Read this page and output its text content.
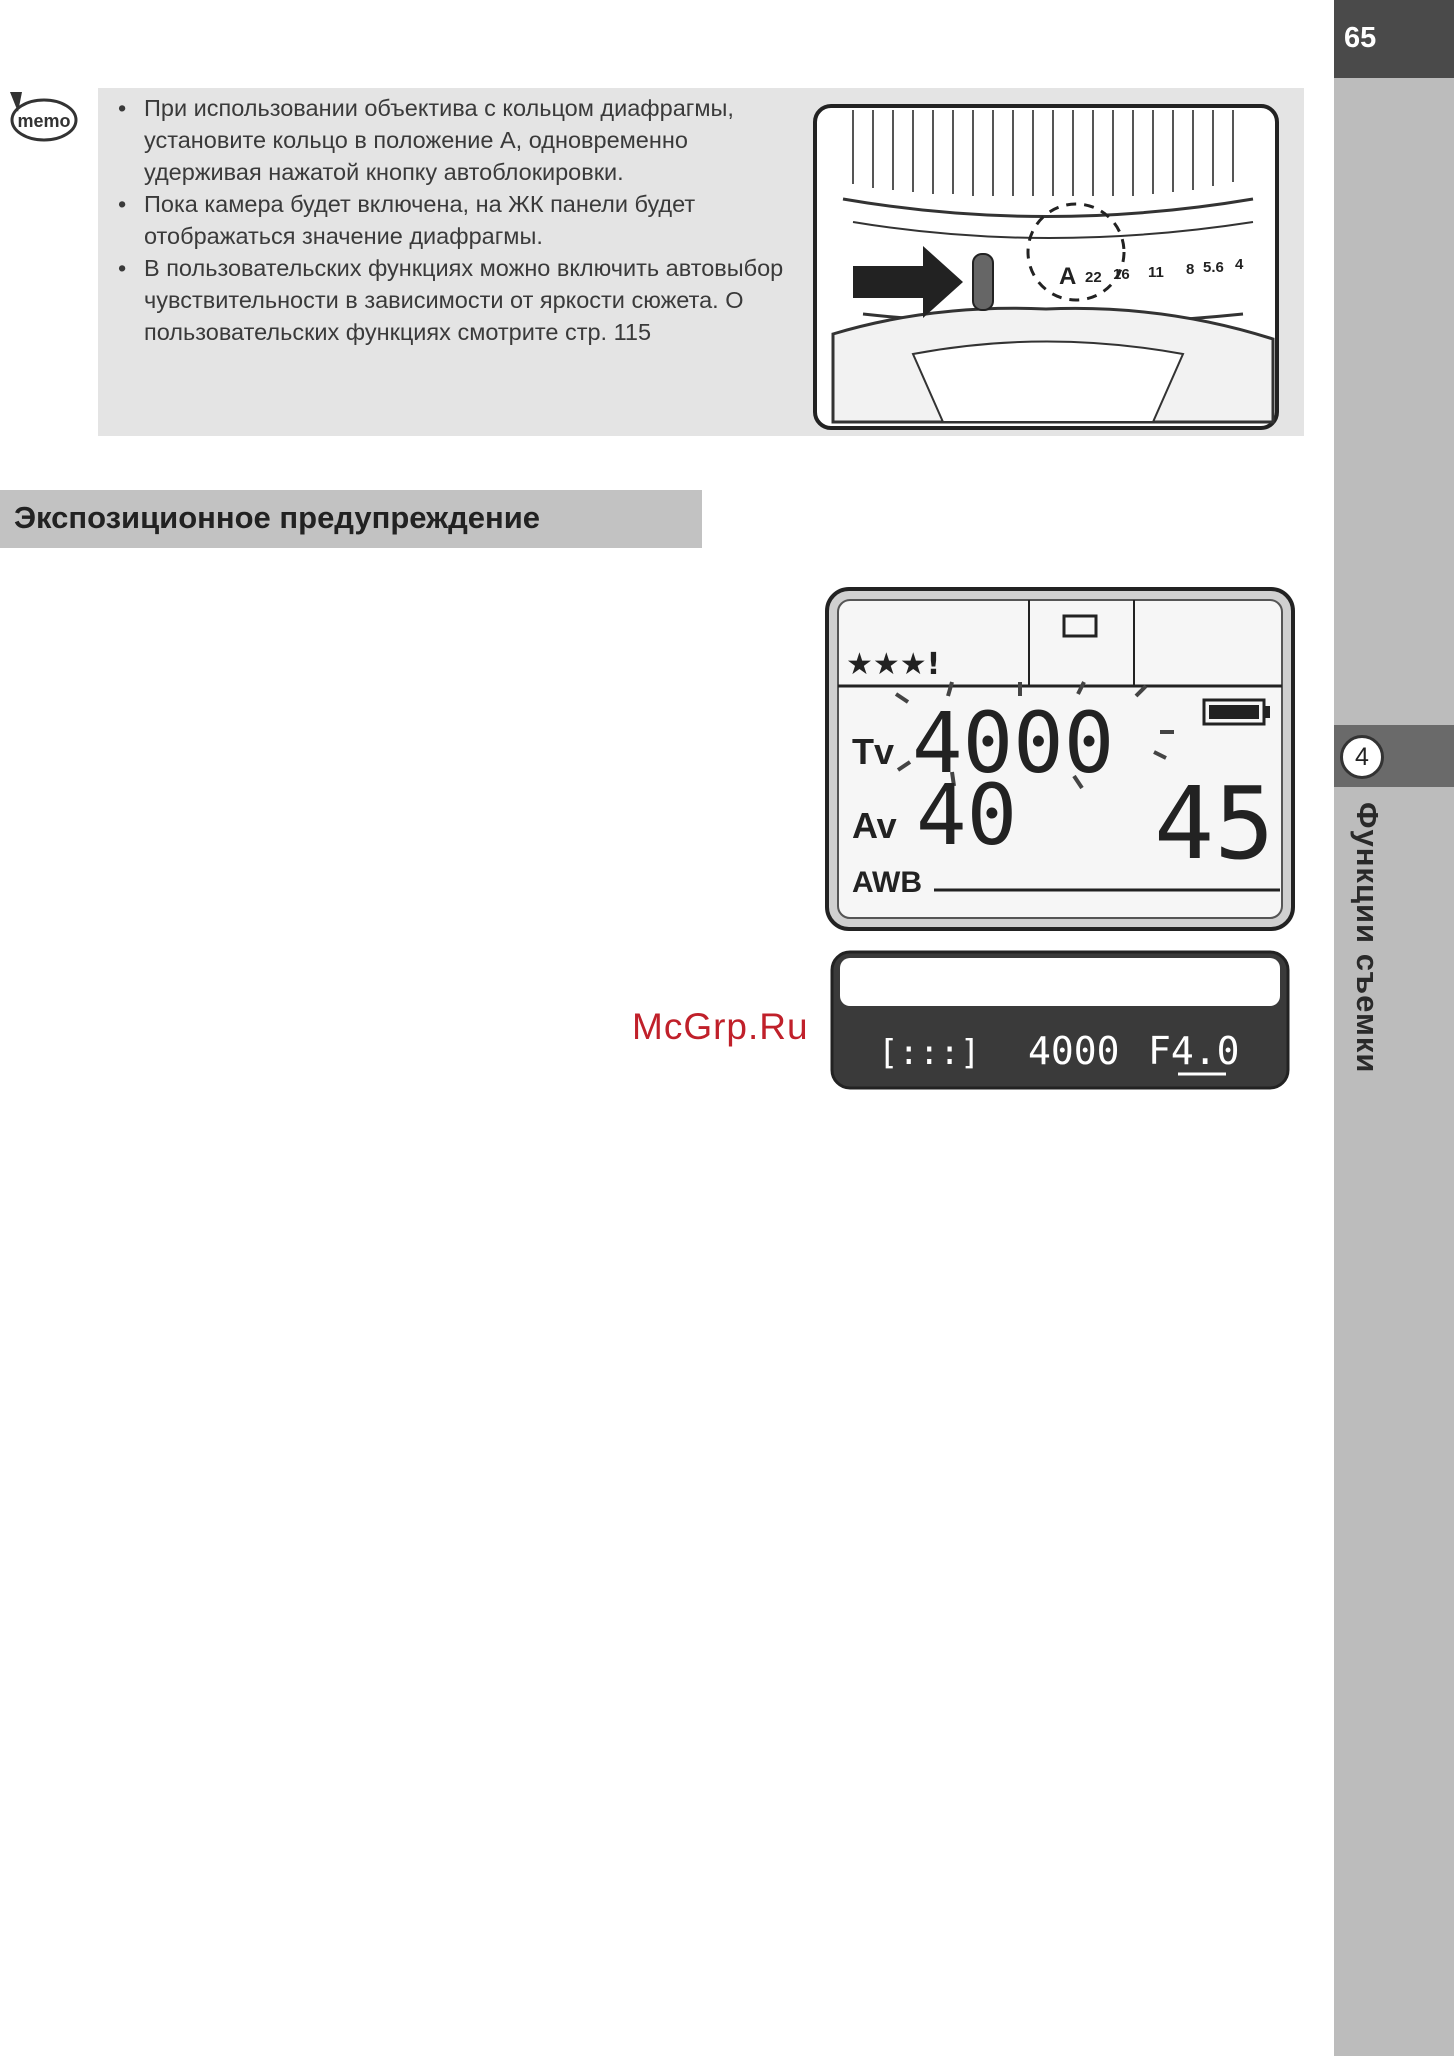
65
4
Функции съемки
memo
•	При использовании объектива с кольцом диафрагмы, установите кольцо в положение A, одновременно удерживая нажатой кнопку автоблокировки.
• Пока камера будет включена, на ЖК панели будет отображаться значение диафрагмы.
• В пользовательских функциях можно включить автовыбор чувствительности в зависимости от яркости сюжета. О пользовательских функциях смотрите стр. 115
A 22 16 11 8 5.6 4
Экспозиционное предупреждение
★★★!
Tv 4000
Av 40 45
AWB
[:::] 4000 F4.0
McGrp.Ru
